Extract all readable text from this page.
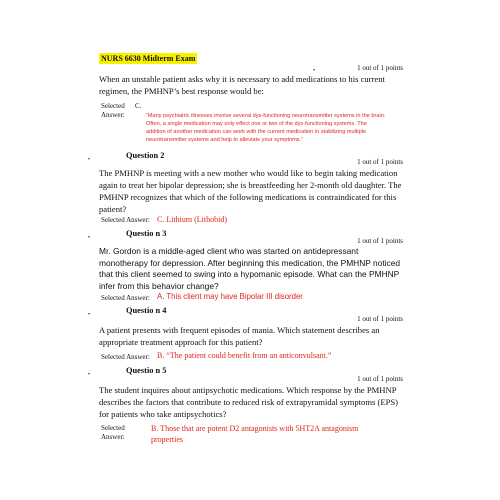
NURS 6630 Midterm Exam
•	1 out of 1 points
When an unstable patient asks why it is necessary to add medications to his current regimen, the PMHNP’s best response would be:
Selected
Answer:
C.
“Many psychiatric illnesses involve several dys-functioning neurotransmitter systems in the brain. Often, a single medication may only effect one or two of the dys-functioning systems. The addition of another medication can work with the current medication in stabilizing multiple neurotransmitter systems and help to alleviate your symptoms.”
•	Question 2
1 out of 1 points
The PMHNP is meeting with a new mother who would like to begin taking medication again to treat her bipolar depression; she is breastfeeding her 2-month old daughter. The PMHNP recognizes that which of the following medications is contraindicated for this patient?
Selected Answer: C. Lithium (Lithobid)
•	Questio n 3
1 out of 1 points
Mr. Gordon is a middle-aged client who was started on antidepressant monotherapy for depression. After beginning this medication, the PMHNP noticed that this client seemed to swing into a hypomanic episode. What can the PMHNP infer from this behavior change?
Selected Answer: A. This client may have Bipolar III disorder
•	Questio n 4
1 out of 1 points
A patient presents with frequent episodes of mania. Which statement describes an appropriate treatment approach for this patient?
Selected Answer: B. “The patient could benefit from an anticonvulsant.”
•	Questio n 5
1 out of 1 points
The student inquires about antipsychotic medications. Which response by the PMHNP describes the factors that contribute to reduced risk of extrapyramidal symptoms (EPS) for patients who take antipsychotics?
Selected
Answer:
B. Those that are potent D2 antagonists with 5HT2A antagonism properties
